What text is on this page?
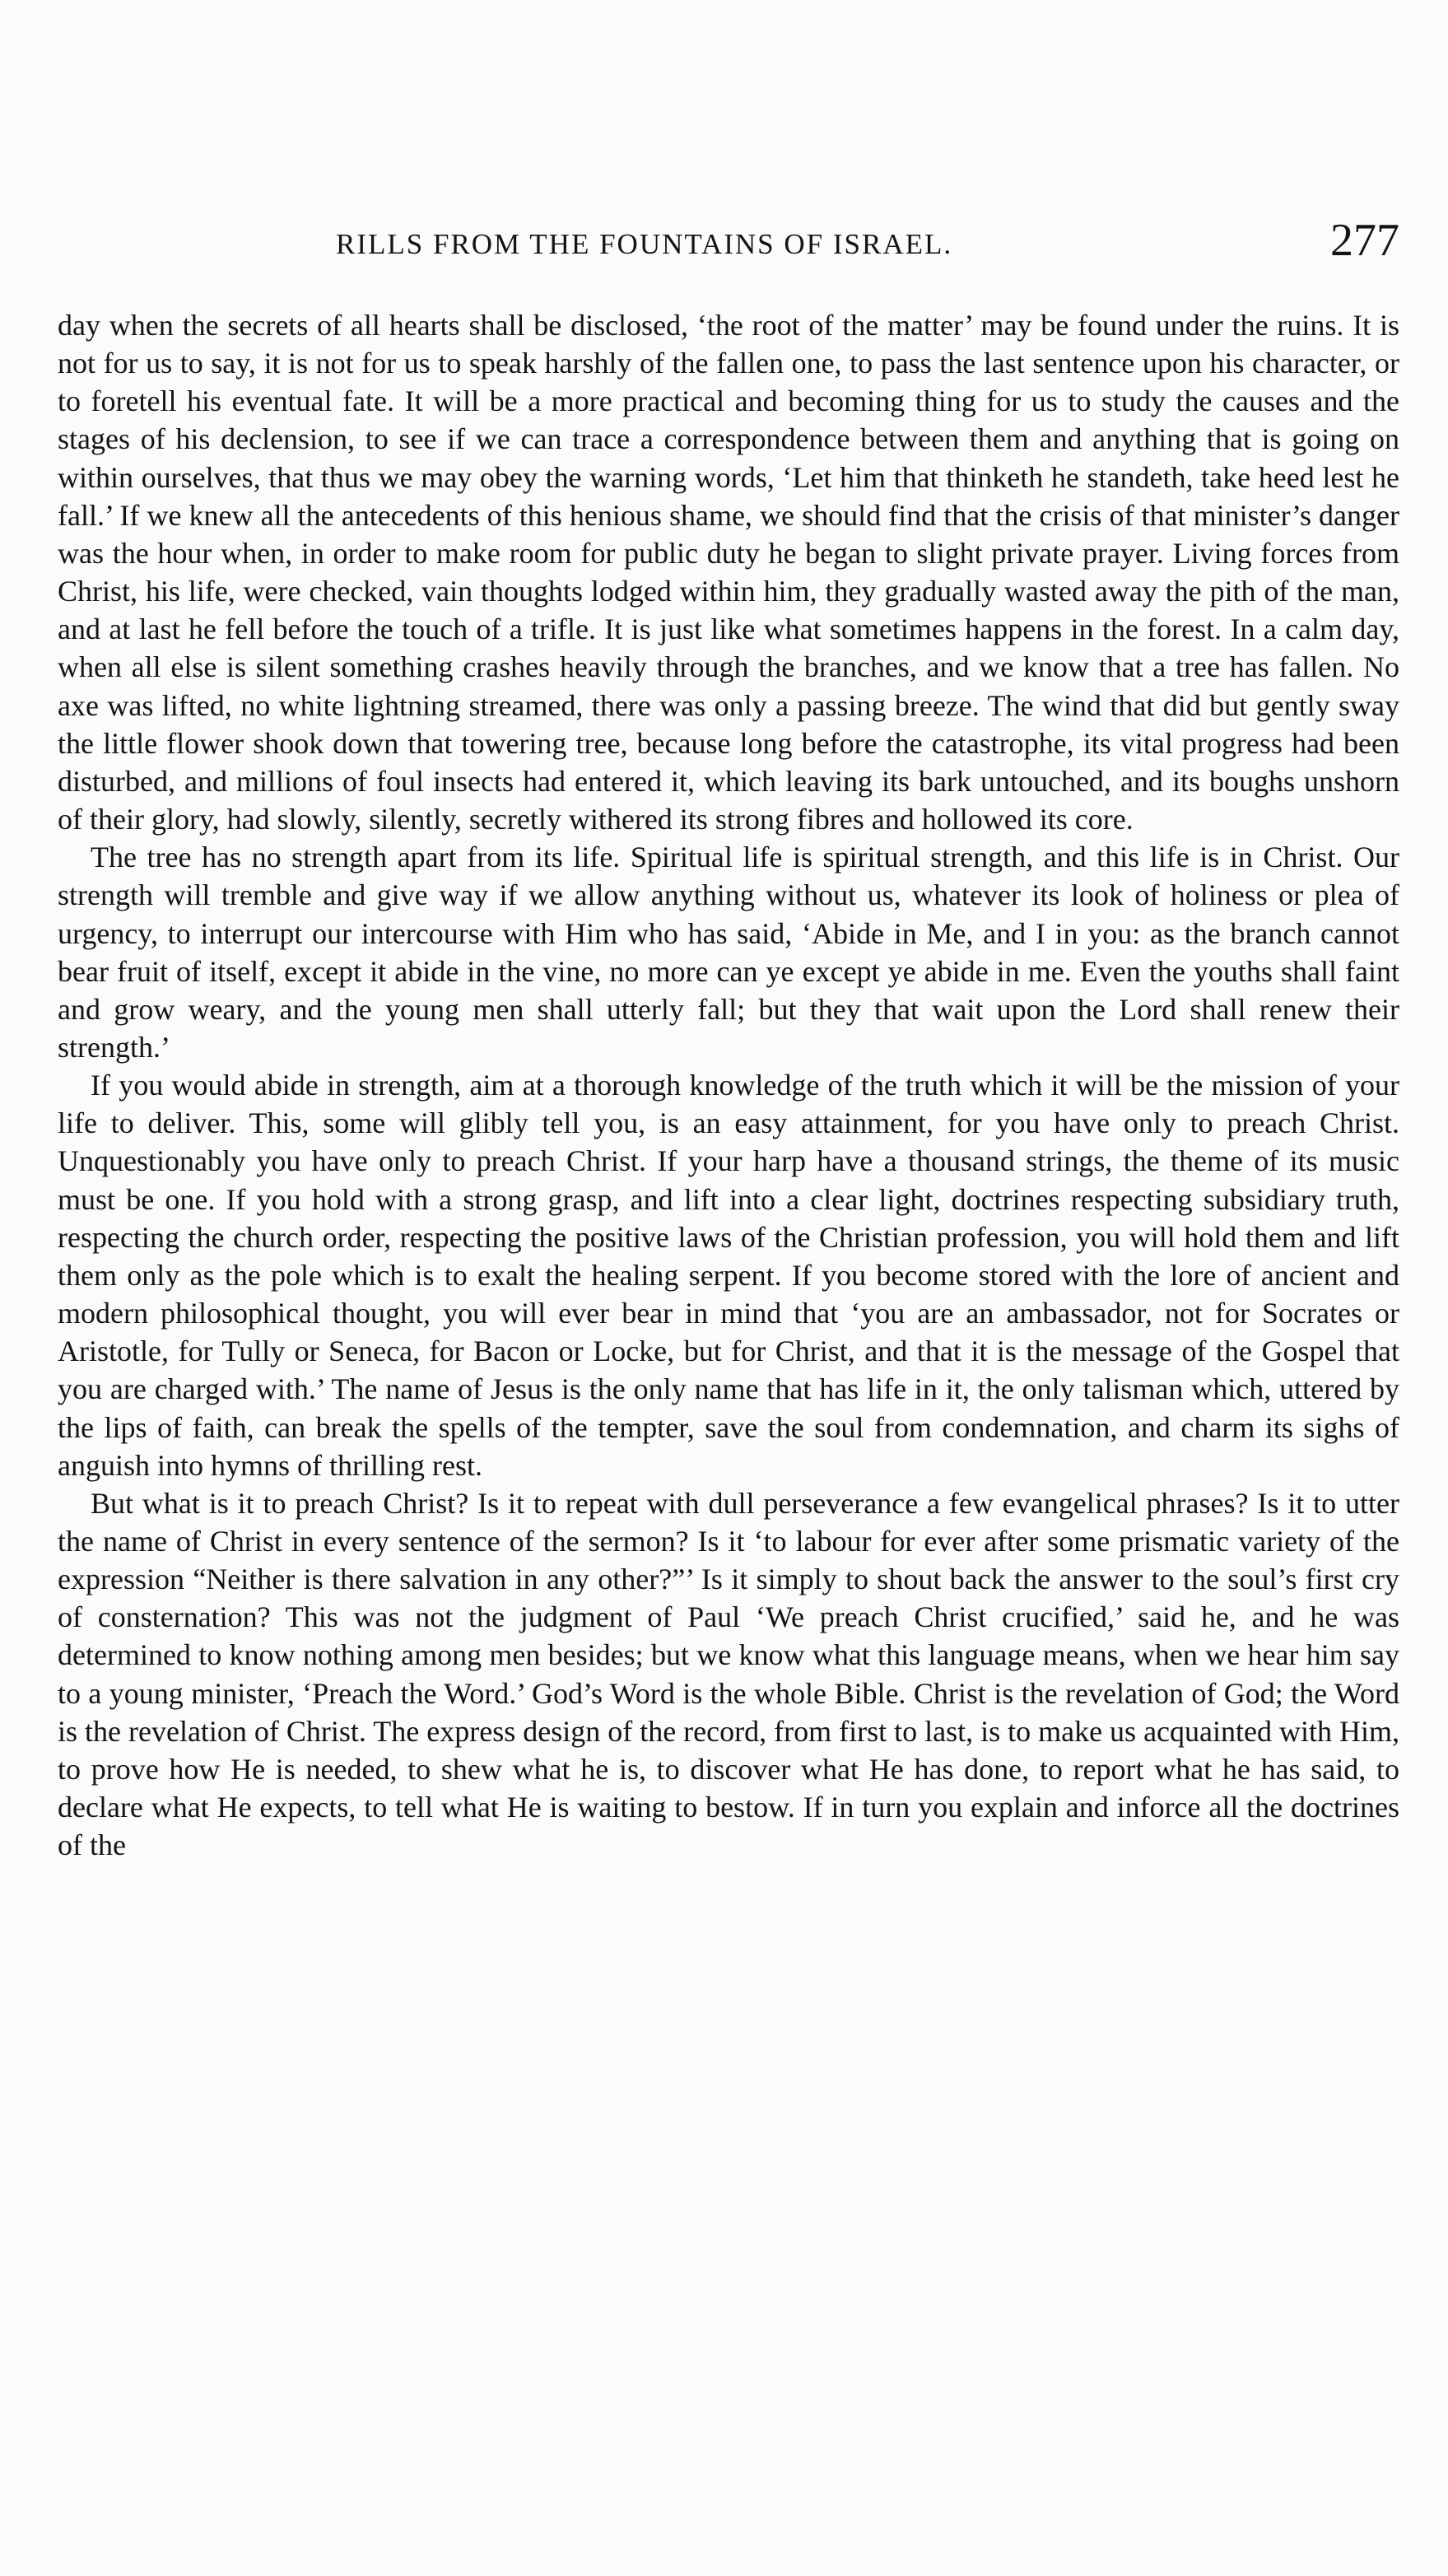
RILLS FROM THE FOUNTAINS OF ISRAEL.	277

day when the secrets of all hearts shall be disclosed, ‘the root of the matter’ may be found under the ruins. It is not for us to say, it is not for us to speak harshly of the fallen one, to pass the last sentence upon his character, or to foretell his eventual fate. It will be a more practical and becoming thing for us to study the causes and the stages of his declension, to see if we can trace a correspondence between them and anything that is going on within ourselves, that thus we may obey the warning words, ‘Let him that thinketh he standeth, take heed lest he fall.’ If we knew all the antecedents of this henious shame, we should find that the crisis of that minister’s danger was the hour when, in order to make room for public duty he began to slight private prayer. Living forces from Christ, his life, were checked, vain thoughts lodged within him, they gradually wasted away the pith of the man, and at last he fell before the touch of a trifle. It is just like what sometimes happens in the forest. In a calm day, when all else is silent something crashes heavily through the branches, and we know that a tree has fallen. No axe was lifted, no white lightning streamed, there was only a passing breeze. The wind that did but gently sway the little flower shook down that towering tree, because long before the catastrophe, its vital progress had been disturbed, and millions of foul insects had entered it, which leaving its bark untouched, and its boughs unshorn of their glory, had slowly, silently, secretly withered its strong fibres and hollowed its core.

The tree has no strength apart from its life. Spiritual life is spiritual strength, and this life is in Christ. Our strength will tremble and give way if we allow anything without us, whatever its look of holiness or plea of urgency, to interrupt our intercourse with Him who has said, ‘Abide in Me, and I in you: as the branch cannot bear fruit of itself, except it abide in the vine, no more can ye except ye abide in me. Even the youths shall faint and grow weary, and the young men shall utterly fall; but they that wait upon the Lord shall renew their strength.’

If you would abide in strength, aim at a thorough knowledge of the truth which it will be the mission of your life to deliver. This, some will glibly tell you, is an easy attainment, for you have only to preach Christ. Unquestionably you have only to preach Christ. If your harp have a thousand strings, the theme of its music must be one. If you hold with a strong grasp, and lift into a clear light, doctrines respecting subsidiary truth, respecting the church order, respecting the positive laws of the Christian profession, you will hold them and lift them only as the pole which is to exalt the healing serpent. If you become stored with the lore of ancient and modern philosophical thought, you will ever bear in mind that ‘you are an ambassador, not for Socrates or Aristotle, for Tully or Seneca, for Bacon or Locke, but for Christ, and that it is the message of the Gospel that you are charged with.’ The name of Jesus is the only name that has life in it, the only talisman which, uttered by the lips of faith, can break the spells of the tempter, save the soul from condemnation, and charm its sighs of anguish into hymns of thrilling rest.

But what is it to preach Christ? Is it to repeat with dull perseverance a few evangelical phrases? Is it to utter the name of Christ in every sentence of the sermon? Is it ‘to labour for ever after some prismatic variety of the expression “Neither is there salvation in any other?”’ Is it simply to shout back the answer to the soul’s first cry of consternation? This was not the judgment of Paul ‘We preach Christ crucified,’ said he, and he was determined to know nothing among men besides; but we know what this language means, when we hear him say to a young minister, ‘Preach the Word.’ God’s Word is the whole Bible. Christ is the revelation of God; the Word is the revelation of Christ. The express design of the record, from first to last, is to make us acquainted with Him, to prove how He is needed, to shew what he is, to discover what He has done, to report what he has said, to declare what He expects, to tell what He is waiting to bestow. If in turn you explain and inforce all the doctrines of the
